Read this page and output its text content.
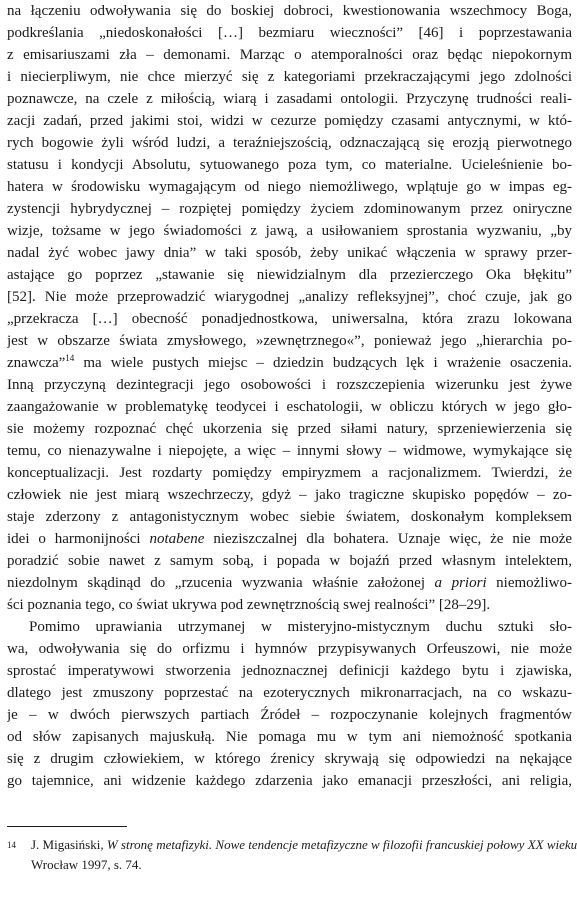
na łączeniu odwoływania się do boskiej dobroci, kwestionowania wszechmocy Boga,
podkreślania „niedoskonałości […] bezmiaru wieczności” [46] i poprzestawania
z emisariuszami zła – demonami. Marząc o atemporalności oraz będąc niepokornym
i niecierpliwym, nie chce mierzyć się z kategoriami przekraczającymi jego zdolności
poznawcze, na czele z miłością, wiarą i zasadami ontologii. Przyczynę trudności reali-
zacji zadań, przed jakimi stoi, widzi w cezurze pomiędzy czasami antycznymi, w któ-
rych bogowie żyli wśród ludzi, a teraźniejszością, odznaczającą się erozją pierwotnego
statusu i kondycji Absolutu, sytuowanego poza tym, co materialne. Ucieleśnienie bo-
hatera w środowisku wymagającym od niego niemożliwego, wplątuje go w impas eg-
zystencji hybrydycznej – rozpiętej pomiędzy życiem zdominowanym przez oniryczne
wizje, tożsame w jego świadomości z jawą, a usiłowaniem sprostania wyzwaniu, „by
nadal żyć wobec jawy dnia” w taki sposób, żeby unikać włączenia w sprawy przer-
astające go poprzez „stawanie się niewidzialnym dla przezierczego Oka błękitu”
[52]. Nie może przeprowadzić wiarygodnej „analizy refleksyjnej”, choć czuje, jak go
„przekracza […] obecność ponadjednostkowa, uniwersalna, która zrazu lokowana
jest w obszarze świata zmysłowego, »zewnętrznego«”, ponieważ jego „hierarchia po-
znawcza”$^{14}$ ma wiele pustych miejsc – dziedzin budzących lęk i wrażenie osaczenia.
Inną przyczyną dezintegracji jego osobowości i rozszczepienia wizerunku jest żywe
zaangażowanie w problematykę teodycei i eschatologii, w obliczu których w jego gło-
sie możemy rozpoznać chęć ukorzenia się przed siłami natury, sprzeniewierzenia się
temu, co nienazywalne i niepojęte, a więc – innymi słowy – widmowe, wymykające się
konceptualizacji. Jest rozdarty pomiędzy empiryzmem a racjonalizmem. Twierdzi, że
człowiek nie jest miarą wszechrzeczy, gdyż – jako tragiczne skupisko popędów – zo-
staje zderzony z antagonistycznym wobec siebie światem, doskonałym kompleksem
idei o harmonijności notabene nieziszczalnej dla bohatera. Uznaje więc, że nie może
poradzić sobie nawet z samym sobą, i popada w bojaźń przed własnym intelektem,
niezdolnym skądinąd do „rzucenia wyzwania właśnie założonej a priori niemożliwo-
ści poznania tego, co świat ukrywa pod zewnętrznością swej realności” [28–29].
Pomimo uprawiania utrzymanej w misteryjno-mistycznym duchu sztuki sło-
wa, odwoływania się do orfizmu i hymnów przypisywanych Orfeuszowi, nie może
sprostać imperatywowi stworzenia jednoznacznej definicji każdego bytu i zjawiska,
dlatego jest zmuszony poprzestać na ezoterycznych mikronarracjach, na co wskazu-
je – w dwóch pierwszych partiach Źródeł – rozpoczynanie kolejnych fragmentów
od słów zapisanych majuskułą. Nie pomaga mu w tym ani niemożność spotkania
się z drugim człowiekiem, w którego źrenicy skrywają się odpowiedzi na nękające
go tajemnice, ani widzenie każdego zdarzenia jako emanacji przeszłości, ani religia,
14 J. Migasiński, W stronę metafizyki. Nowe tendencje metafizyczne w filozofii francuskiej połowy XX wieku
Wrocław 1997, s. 74.
